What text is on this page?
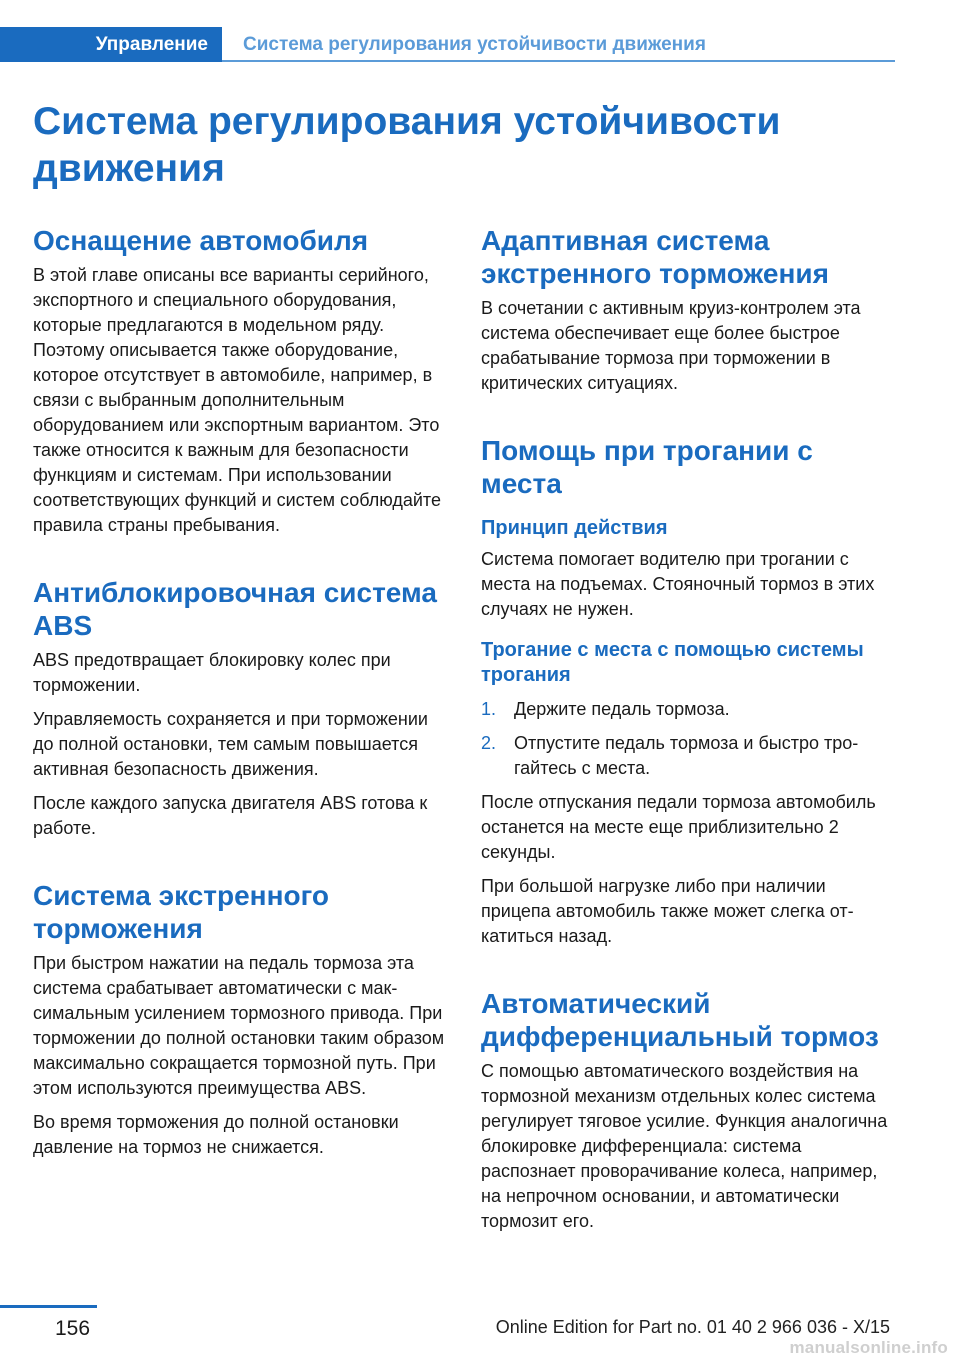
Управление Система регулирования устойчивости движения
Система регулирования устойчивости движения
Оснащение автомобиля

В этой главе описаны все варианты серийного, экспортного и специального оборудования, которые предлагаются в модельном ряду. Поэтому описывается также оборудование, которое отсутствует в автомобиле, например, в связи с выбранным дополнительным оборудованием или экспортным вариантом. Это также относится к важным для безопасности функциям и системам. При использовании соответствующих функций и систем соблюдайте правила страны пребывания.

Антиблокировочная система ABS

ABS предотвращает блокировку колес при торможении.

Управляемость сохраняется и при торможении до полной остановки, тем самым повышается активная безопасность движения.

После каждого запуска двигателя ABS готова к работе.

Система экстренного торможения

При быстром нажатии на педаль тормоза эта система срабатывает автоматически с максимальным усилением тормозного привода. При торможении до полной остановки таким образом максимально сокращается тормозной путь. При этом используются преимущества ABS.

Во время торможения до полной остановки давление на тормоз не снижается.

Адаптивная система экстренного торможения

В сочетании с активным круиз-контролем эта система обеспечивает еще более быстрое срабатывание тормоза при торможении в критических ситуациях.

Помощь при трогании с места
Принцип действия

Система помогает водителю при трогании с места на подъемах. Стояночный тормоз в этих случаях не нужен.

Трогание с места с помощью системы трогания
1. Держите педаль тормоза.
2. Отпустите педаль тормоза и быстро трогайтесь с места.

После отпускания педали тормоза автомобиль останется на месте еще приблизительно 2 секунды.

При большой нагрузке либо при наличии прицепа автомобиль также может слегка откатиться назад.

Автоматический дифференциальный тормоз

С помощью автоматического воздействия на тормозной механизм отдельных колес система регулирует тяговое усилие. Функция аналогична блокировке дифференциала: система распознает проворачивание колеса, например, на непрочном основании, и автоматически тормозит его.

156	Online Edition for Part no. 01 40 2 966 036 - X/15
manualsonline.info
